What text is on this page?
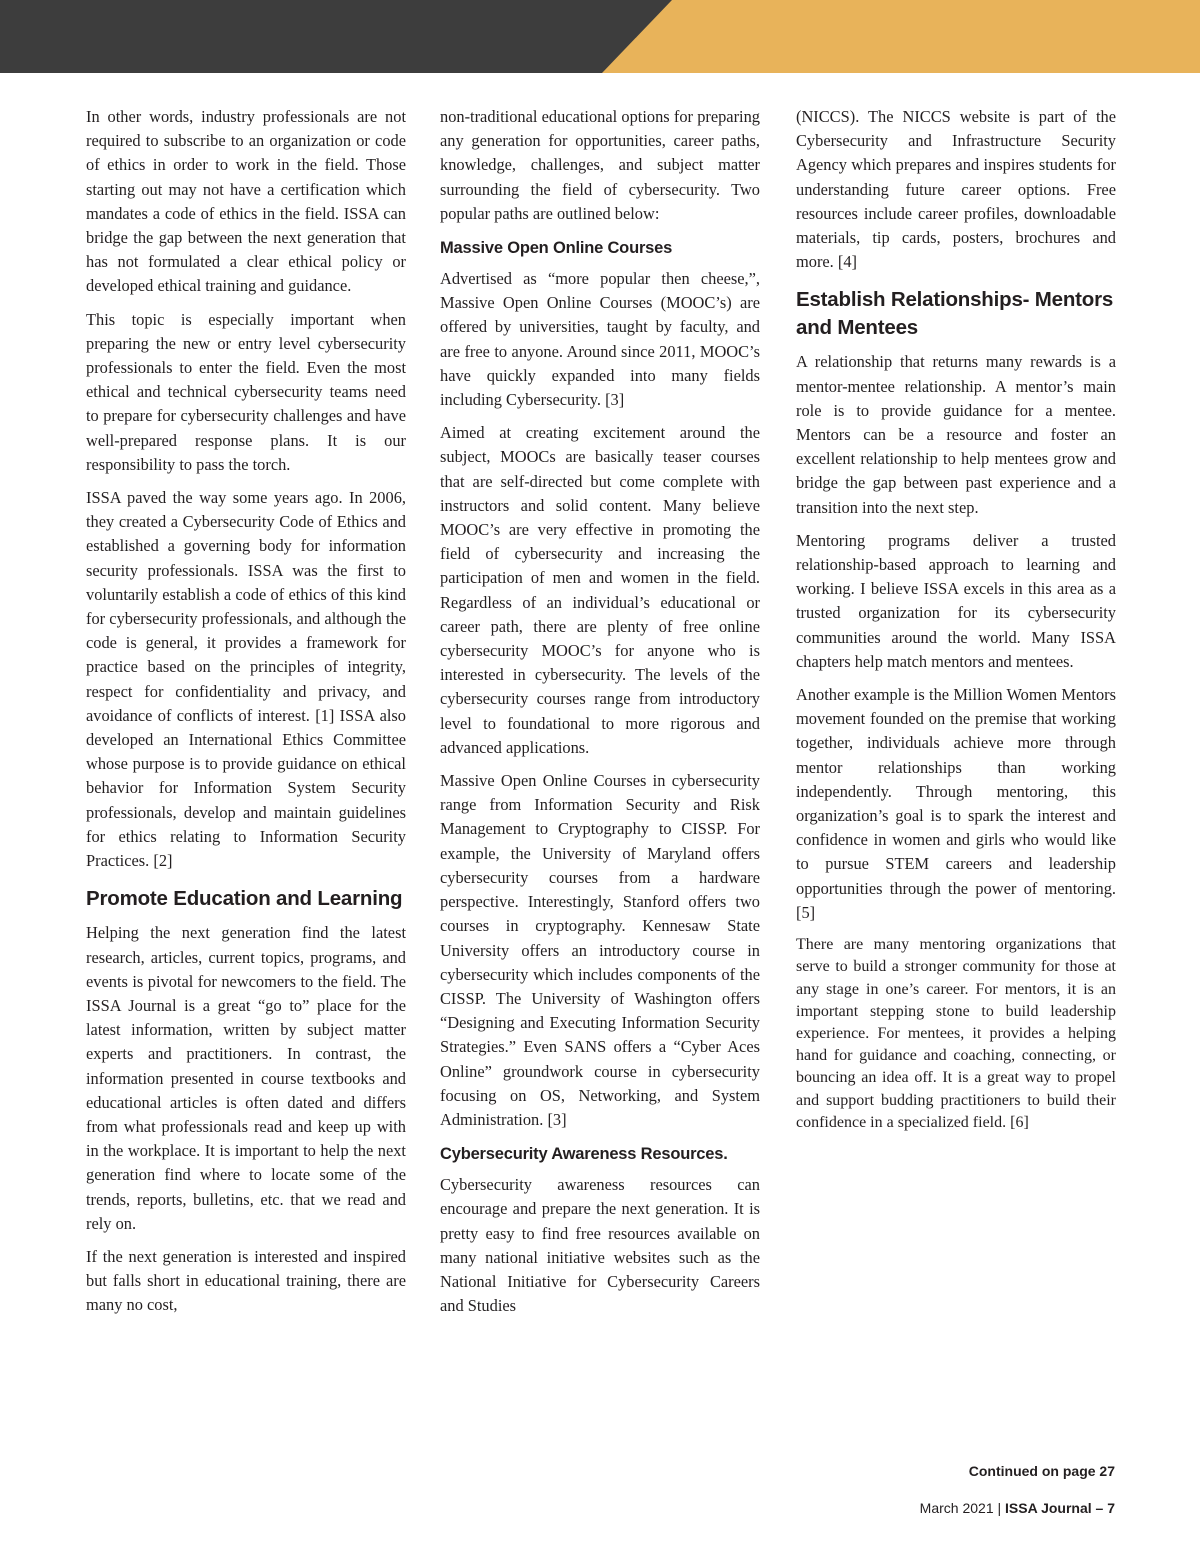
In other words, industry professionals are not required to subscribe to an organization or code of ethics in order to work in the field. Those starting out may not have a certification which mandates a code of ethics in the field. ISSA can bridge the gap between the next generation that has not formulated a clear ethical policy or developed ethical training and guidance.

This topic is especially important when preparing the new or entry level cybersecurity professionals to enter the field. Even the most ethical and technical cybersecurity teams need to prepare for cybersecurity challenges and have well-prepared response plans. It is our responsibility to pass the torch.

ISSA paved the way some years ago. In 2006, they created a Cybersecurity Code of Ethics and established a governing body for information security professionals. ISSA was the first to voluntarily establish a code of ethics of this kind for cybersecurity professionals, and although the code is general, it provides a framework for practice based on the principles of integrity, respect for confidentiality and privacy, and avoidance of conflicts of interest. [1] ISSA also developed an International Ethics Committee whose purpose is to provide guidance on ethical behavior for Information System Security professionals, develop and maintain guidelines for ethics relating to Information Security Practices. [2]

Promote Education and Learning

Helping the next generation find the latest research, articles, current topics, programs, and events is pivotal for newcomers to the field. The ISSA Journal is a great “go to” place for the latest information, written by subject matter experts and practitioners. In contrast, the information presented in course textbooks and educational articles is often dated and differs from what professionals read and keep up with in the workplace. It is important to help the next generation find where to locate some of the trends, reports, bulletins, etc. that we read and rely on.

If the next generation is interested and inspired but falls short in educational training, there are many no cost,

non-traditional educational options for preparing any generation for opportunities, career paths, knowledge, challenges, and subject matter surrounding the field of cybersecurity. Two popular paths are outlined below:

Massive Open Online Courses

Advertised as “more popular then cheese,”, Massive Open Online Courses (MOOC’s) are offered by universities, taught by faculty, and are free to anyone. Around since 2011, MOOC’s have quickly expanded into many fields including Cybersecurity. [3]

Aimed at creating excitement around the subject, MOOCs are basically teaser courses that are self-directed but come complete with instructors and solid content. Many believe MOOC’s are very effective in promoting the field of cybersecurity and increasing the participation of men and women in the field. Regardless of an individual’s educational or career path, there are plenty of free online cybersecurity MOOC’s for anyone who is interested in cybersecurity. The levels of the cybersecurity courses range from introductory level to foundational to more rigorous and advanced applications.

Massive Open Online Courses in cybersecurity range from Information Security and Risk Management to Cryptography to CISSP. For example, the University of Maryland offers cybersecurity courses from a hardware perspective. Interestingly, Stanford offers two courses in cryptography. Kennesaw State University offers an introductory course in cybersecurity which includes components of the CISSP. The University of Washington offers “Designing and Executing Information Security Strategies.” Even SANS offers a “Cyber Aces Online” groundwork course in cybersecurity focusing on OS, Networking, and System Administration. [3]

Cybersecurity Awareness Resources.

Cybersecurity awareness resources can encourage and prepare the next generation. It is pretty easy to find free resources available on many national initiative websites such as the National Initiative for Cybersecurity Careers and Studies

(NICCS). The NICCS website is part of the Cybersecurity and Infrastructure Security Agency which prepares and inspires students for understanding future career options. Free resources include career profiles, downloadable materials, tip cards, posters, brochures and more. [4]

Establish Relationships- Mentors and Mentees

A relationship that returns many rewards is a mentor-mentee relationship. A mentor’s main role is to provide guidance for a mentee. Mentors can be a resource and foster an excellent relationship to help mentees grow and bridge the gap between past experience and a transition into the next step.

Mentoring programs deliver a trusted relationship-based approach to learning and working. I believe ISSA excels in this area as a trusted organization for its cybersecurity communities around the world. Many ISSA chapters help match mentors and mentees.

Another example is the Million Women Mentors movement founded on the premise that working together, individuals achieve more through mentor relationships than working independently. Through mentoring, this organization’s goal is to spark the interest and confidence in women and girls who would like to pursue STEM careers and leadership opportunities through the power of mentoring. [5]

There are many mentoring organizations that serve to build a stronger community for those at any stage in one’s career. For mentors, it is an important stepping stone to build leadership experience. For mentees, it provides a helping hand for guidance and coaching, connecting, or bouncing an idea off. It is a great way to propel and support budding practitioners to build their confidence in a specialized field. [6]

Continued on page 27
March 2021 | ISSA Journal – 7
